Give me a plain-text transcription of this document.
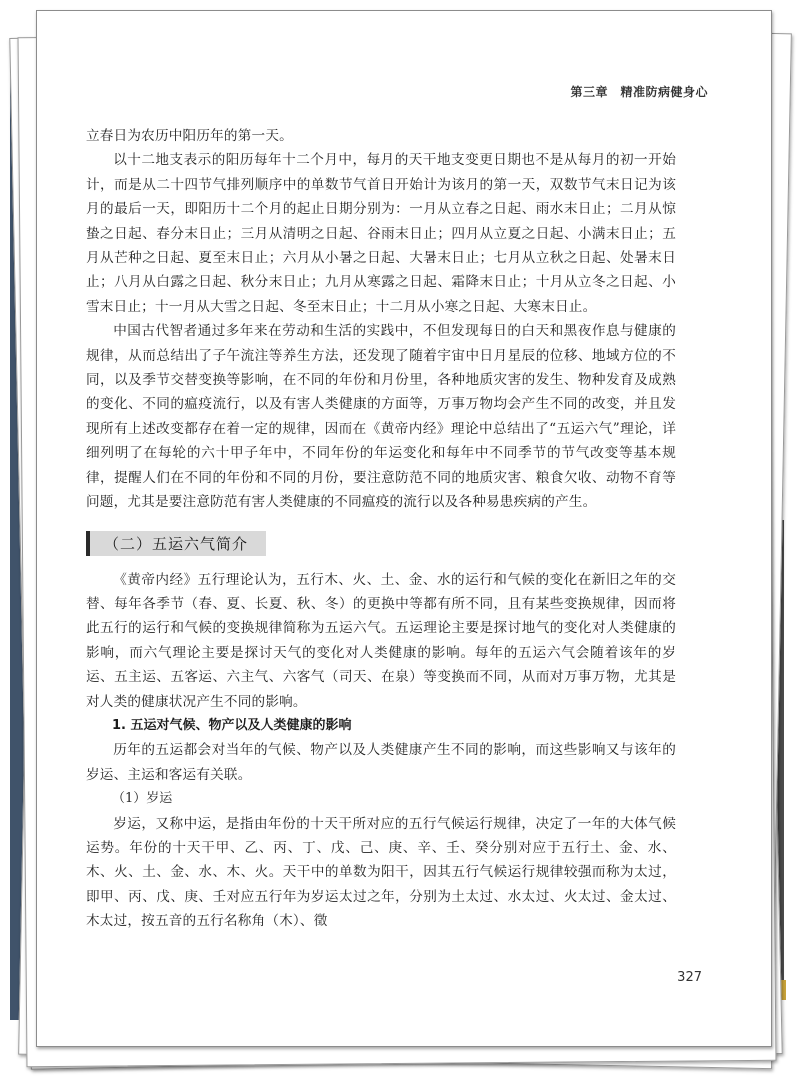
第三章　精准防病健身心

立春日为农历中阳历年的第一天。

以十二地支表示的阳历每年十二个月中，每月的天干地支变更日期也不是从每月的初一开始计，而是从二十四节气排列顺序中的单数节气首日开始计为该月的第一天，双数节气末日记为该月的最后一天，即阳历十二个月的起止日期分别为：一月从立春之日起、雨水末日止；二月从惊蛰之日起、春分末日止；三月从清明之日起、谷雨末日止；四月从立夏之日起、小满末日止；五月从芒种之日起、夏至末日止；六月从小暑之日起、大暑末日止；七月从立秋之日起、处暑末日止；八月从白露之日起、秋分末日止；九月从寒露之日起、霜降末日止；十月从立冬之日起、小雪末日止；十一月从大雪之日起、冬至末日止；十二月从小寒之日起、大寒末日止。

中国古代智者通过多年来在劳动和生活的实践中，不但发现每日的白天和黑夜作息与健康的规律，从而总结出了子午流注等养生方法，还发现了随着宇宙中日月星辰的位移、地域方位的不同，以及季节交替变换等影响，在不同的年份和月份里，各种地质灾害的发生、物种发育及成熟的变化、不同的瘟疫流行，以及有害人类健康的方面等，万事万物均会产生不同的改变，并且发现所有上述改变都存在着一定的规律，因而在《黄帝内经》理论中总结出了“五运六气”理论，详细列明了在每轮的六十甲子年中，不同年份的年运变化和每年中不同季节的节气改变等基本规律，提醒人们在不同的年份和不同的月份，要注意防范不同的地质灾害、粮食欠收、动物不育等问题，尤其是要注意防范有害人类健康的不同瘟疫的流行以及各种易患疾病的产生。

（二）五运六气简介

《黄帝内经》五行理论认为，五行木、火、土、金、水的运行和气候的变化在新旧之年的交替、每年各季节（春、夏、长夏、秋、冬）的更换中等都有所不同，且有某些变换规律，因而将此五行的运行和气候的变换规律简称为五运六气。五运理论主要是探讨地气的变化对人类健康的影响，而六气理论主要是探讨天气的变化对人类健康的影响。每年的五运六气会随着该年的岁运、五主运、五客运、六主气、六客气（司天、在泉）等变换而不同，从而对万事万物，尤其是对人类的健康状况产生不同的影响。

1. 五运对气候、物产以及人类健康的影响

历年的五运都会对当年的气候、物产以及人类健康产生不同的影响，而这些影响又与该年的岁运、主运和客运有关联。

（1）岁运

岁运，又称中运，是指由年份的十天干所对应的五行气候运行规律，决定了一年的大体气候运势。年份的十天干甲、乙、丙、丁、戊、己、庚、辛、壬、癸分别对应于五行土、金、水、木、火、土、金、水、木、火。天干中的单数为阳干，因其五行气候运行规律较强而称为太过，即甲、丙、戊、庚、壬对应五行年为岁运太过之年，分别为土太过、水太过、火太过、金太过、木太过，按五音的五行名称角（木）、徵

327
